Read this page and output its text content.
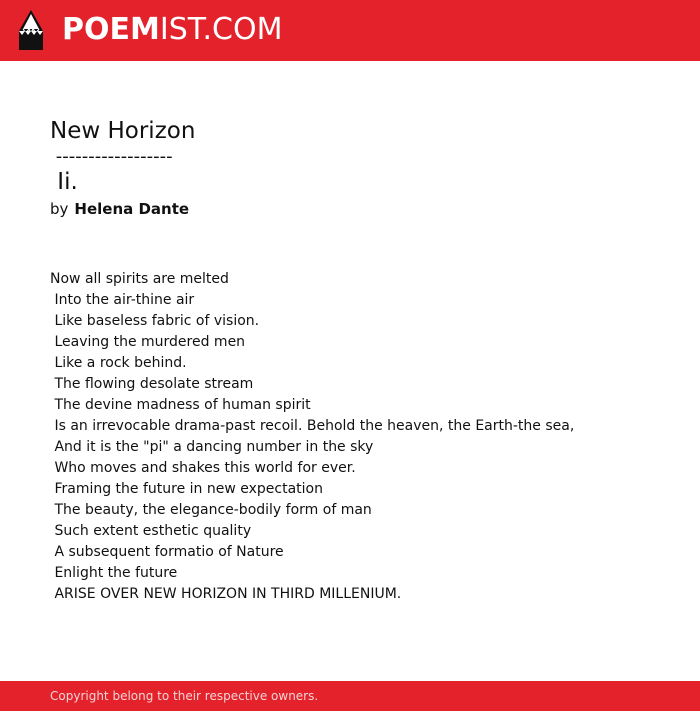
POEMIST.COM
New Horizon
------------------
Ii.
by Helena Dante
Now all spirits are melted
Into the air-thine air
Like baseless fabric of vision.
Leaving the murdered men
Like a rock behind.
The flowing desolate stream
The devine madness of human spirit
Is an irrevocable drama-past recoil. Behold the heaven, the Earth-the sea,
And it is the "pi" a dancing number in the sky
Who moves and shakes this world for ever.
Framing the future in new expectation
The beauty, the elegance-bodily form of man
Such extent esthetic quality
A subsequent formatio of Nature
Enlight the future
ARISE OVER NEW HORIZON IN THIRD MILLENIUM.
Copyright belong to their respective owners.
